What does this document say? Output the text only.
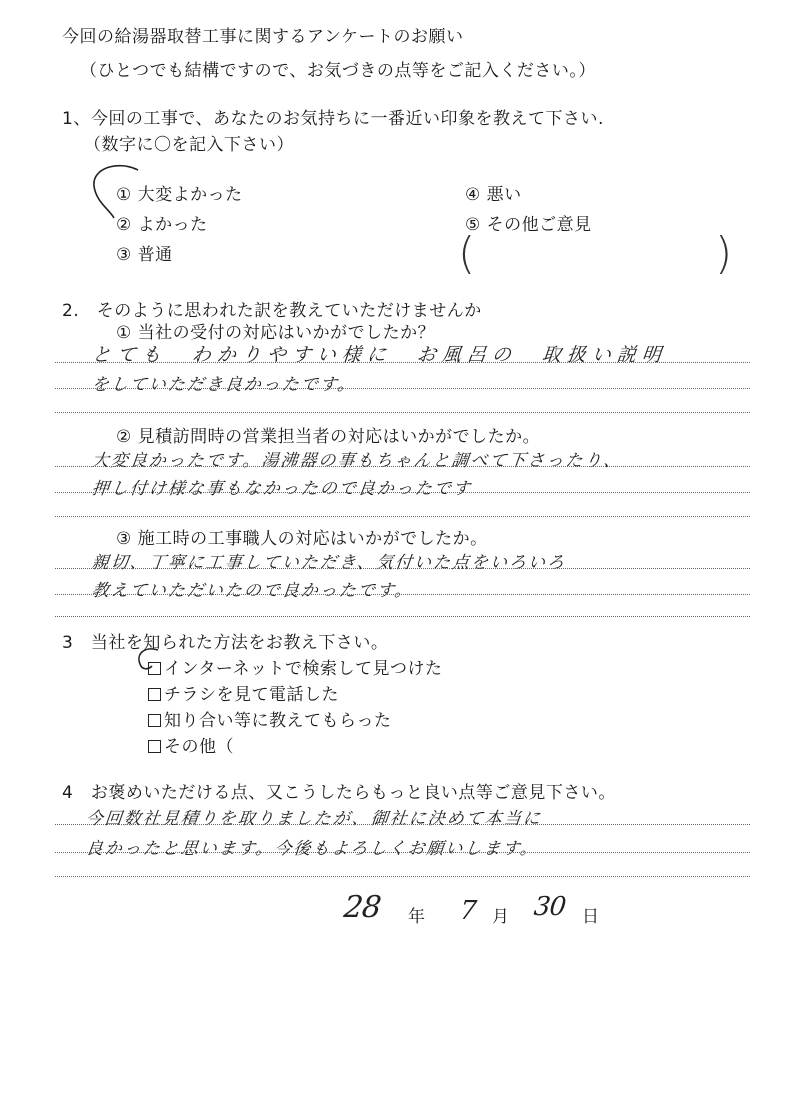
今回の給湯器取替工事に関するアンケートのお願い
（ひとつでも結構ですので、お気づきの点等をご記入ください。）
1、今回の工事で、あなたのお気持ちに一番近い印象を教えて下さい.
（数字に〇を記入下さい）
① 大変よかった
② よかった
③ 普通
④ 悪い
⑤ その他ご意見
(	)
2.　そのように思われた訳を教えていただけませんか
① 当社の受付の対応はいかがでしたか？
とても　わかりやすい様に　お風呂の　取扱い説明
をしていただき良かったです。
② 見積訪問時の営業担当者の対応はいかがでしたか。
大変良かったです。湯沸器の事もちゃんと調べて下さったり、
押し付け様な事もなかったので良かったです
③ 施工時の工事職人の対応はいかがでしたか。
親切、丁寧に工事していただき、気付いた点をいろいろ
教えていただいたので良かったです。
3　当社を知られた方法をお教え下さい。
インターネットで検索して見つけた
チラシを見て電話した
知り合い等に教えてもらった
その他（
4　お褒めいただける点、又こうしたらもっと良い点等ご意見下さい。
今回数社見積りを取りましたが、御社に決めて本当に
良かったと思います。今後もよろしくお願いします。
28 年 7 月 30 日
